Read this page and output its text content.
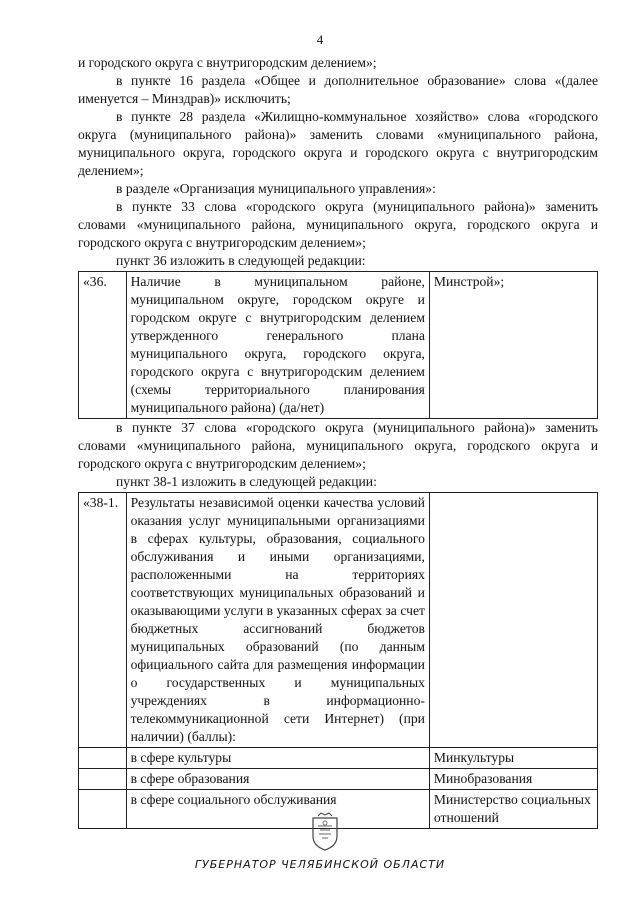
4

и городского округа с внутригородским делением»;

в пункте 16 раздела «Общее и дополнительное образование» слова «(далее именуется – Минздрав)» исключить;

в пункте 28 раздела «Жилищно-коммунальное хозяйство» слова «городского округа (муниципального района)» заменить словами «муниципального района, муниципального округа, городского округа и городского округа с внутригородским делением»;

в разделе «Организация муниципального управления»:

в пункте 33 слова «городского округа (муниципального района)» заменить словами «муниципального района, муниципального округа, городского округа и городского округа с внутригородским делением»;

пункт 36 изложить в следующей редакции:

«36.	Наличие в муниципальном районе, муниципальном округе, городском округе и городском округе с внутригородским делением утвержденного генерального плана муниципального округа, городского округа, городского округа с внутригородским делением (схемы территориального планирования муниципального района) (да/нет)	Минстрой»;

в пункте 37 слова «городского округа (муниципального района)» заменить словами «муниципального района, муниципального округа, городского округа и городского округа с внутригородским делением»;

пункт 38-1 изложить в следующей редакции:

«38-1.	Результаты независимой оценки качества условий оказания услуг муниципальными организациями в сферах культуры, образования, социального обслуживания и иными организациями, расположенными на территориях соответствующих муниципальных образований и оказывающими услуги в указанных сферах за счет бюджетных ассигнований бюджетов муниципальных образований (по данным официального сайта для размещения информации о государственных и муниципальных учреждениях в информационно-телекоммуникационной сети Интернет) (при наличии) (баллы):	
	в сфере культуры	Минкультуры
	в сфере образования	Минобразования
	в сфере социального обслуживания	Министерство социальных отношений
ГУБЕРНАТОР ЧЕЛЯБИНСКОЙ ОБЛАСТИ
